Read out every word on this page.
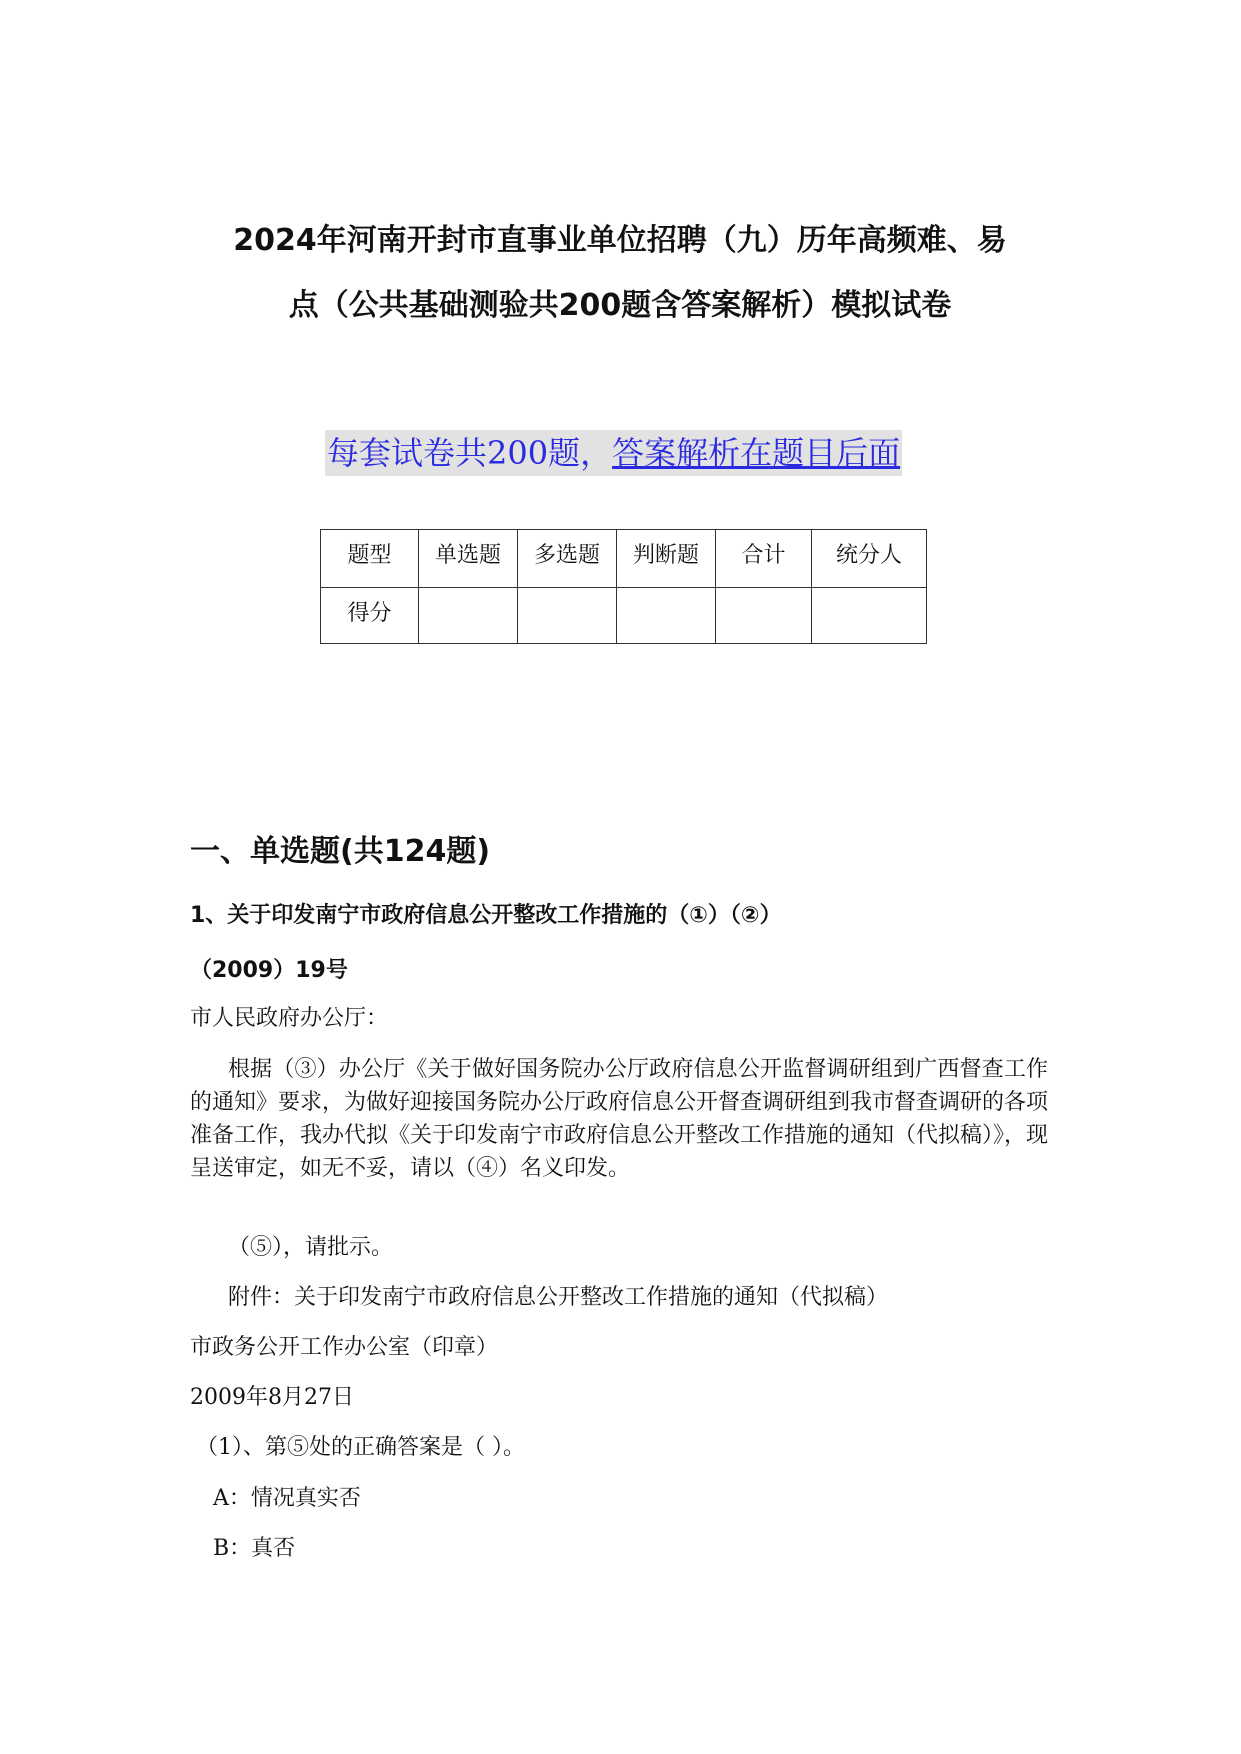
2024年河南开封市直事业单位招聘（九）历年高频难、易
点（公共基础测验共200题含答案解析）模拟试卷
每套试卷共200题，答案解析在题目后面
题型	单选题	多选题	判断题	合计	统分人
得分					
一、单选题(共124题)
1、关于印发南宁市政府信息公开整改工作措施的（①）（②）
（2009）19号
市人民政府办公厅：
根据（③）办公厅《关于做好国务院办公厅政府信息公开监督调研组到广西督查工作的通知》要求，为做好迎接国务院办公厅政府信息公开督查调研组到我市督查调研的各项准备工作，我办代拟《关于印发南宁市政府信息公开整改工作措施的通知（代拟稿）》，现呈送审定，如无不妥，请以（④）名义印发。
（⑤），请批示。
附件：关于印发南宁市政府信息公开整改工作措施的通知（代拟稿）
市政务公开工作办公室（印章）
2009年8月27日
（1）、第⑤处的正确答案是（ ）。
A：情况真实否
B：真否
